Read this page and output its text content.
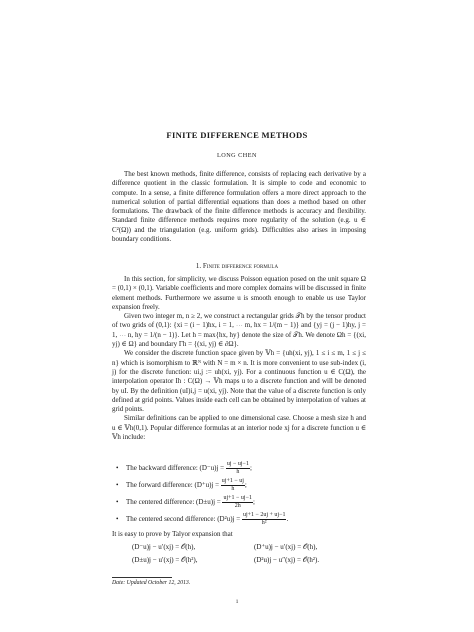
FINITE DIFFERENCE METHODS
LONG CHEN

The best known methods, finite difference, consists of replacing each derivative by a difference quotient in the classic formulation. It is simple to code and economic to compute. In a sense, a finite difference formulation offers a more direct approach to the numerical solution of partial differential equations than does a method based on other formulations. The drawback of the finite difference methods is accuracy and flexibility. Standard finite difference methods requires more regularity of the solution (e.g. u ∈ C²(Ω)) and the triangulation (e.g. uniform grids). Difficulties also arises in imposing boundary conditions.

1. Finite difference formula

In this section, for simplicity, we discuss Poisson equation posed on the unit square Ω = (0,1) × (0,1). Variable coefficients and more complex domains will be discussed in finite element methods. Furthermore we assume u is smooth enough to enable us use Taylor expansion freely.

Given two integer m, n ≥ 2, we construct a rectangular grids 𝒯h by the tensor product of two grids of (0,1): {xi = (i − 1)hx, i = 1, ⋯ m, hx = 1/(m − 1)} and {yj = (j − 1)hy, j = 1, ⋯ n, hy = 1/(n − 1)}. Let h = max{hx, hy} denote the size of 𝒯h. We denote Ωh = {(xi, yj) ∈ Ω} and boundary Γh = {(xi, yj) ∈ ∂Ω}.

We consider the discrete function space given by 𝕍h = {uh(xi, yj), 1 ≤ i ≤ m, 1 ≤ j ≤ n} which is isomorphism to ℝᴺ with N = m × n. It is more convenient to use sub-index (i, j) for the discrete function: ui,j := uh(xi, yj). For a continuous function u ∈ C(Ω), the interpolation operator Ih : C(Ω) → 𝕍h maps u to a discrete function and will be denoted by uI. By the definition (uI)i,j = u(xi, yj). Note that the value of a discrete function is only defined at grid points. Values inside each cell can be obtained by interpolation of values at grid points.

Similar definitions can be applied to one dimensional case. Choose a mesh size h and u ∈ 𝕍h(0,1). Popular difference formulas at an interior node xj for a discrete function u ∈ 𝕍h include:

• The backward difference: $(D^-u)j = \frac{uj - uj-1}{h}$ ;
• The forward difference: $(D^+u)j = \frac{uj+1 - uj}{h}$ ;
• The centered difference: $(D\pm u)j = \frac{uj+1 - uj-1}{2h}$ ;
• The centered second difference: $(D^2u)j = \frac{uj+1 - 2uj + uj-1}{\text{h²}}$ .
It is easy to prove by Talyor expansion that
(D⁻u)j − u′(xj) = 𝒪(h),	(D⁺u)j − u′(xj) = 𝒪(h),
(D±u)j − u′(xj) = 𝒪(h²),	(D²u)j − u″(xj) = 𝒪(h²).
Date: Updated October 12, 2013.
1
